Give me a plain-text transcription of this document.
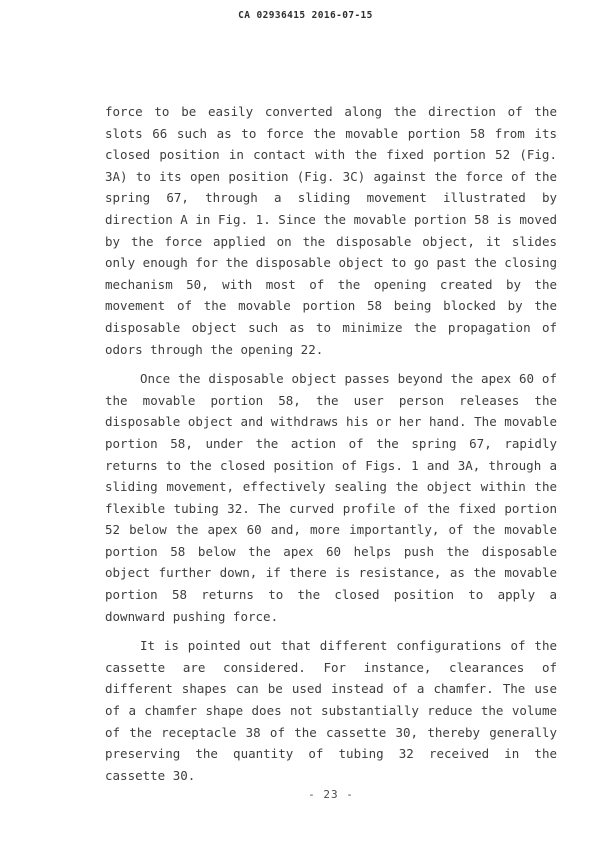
CA 02936415 2016-07-15

force to be easily converted along the direction of the slots 66 such as to force the movable portion 58 from its closed position in contact with the fixed portion 52 (Fig. 3A) to its open position (Fig. 3C) against the force of the spring 67, through a sliding movement illustrated by direction A in Fig. 1. Since the movable portion 58 is moved by the force applied on the disposable object, it slides only enough for the disposable object to go past the closing mechanism 50, with most of the opening created by the movement of the movable portion 58 being blocked by the disposable object such as to minimize the propagation of odors through the opening 22.

Once the disposable object passes beyond the apex 60 of the movable portion 58, the user person releases the disposable object and withdraws his or her hand. The movable portion 58, under the action of the spring 67, rapidly returns to the closed position of Figs. 1 and 3A, through a sliding movement, effectively sealing the object within the flexible tubing 32. The curved profile of the fixed portion 52 below the apex 60 and, more importantly, of the movable portion 58 below the apex 60 helps push the disposable object further down, if there is resistance, as the movable portion 58 returns to the closed position to apply a downward pushing force.

It is pointed out that different configurations of the cassette are considered. For instance, clearances of different shapes can be used instead of a chamfer. The use of a chamfer shape does not substantially reduce the volume of the receptacle 38 of the cassette 30, thereby generally preserving the quantity of tubing 32 received in the cassette 30.

- 23 -
